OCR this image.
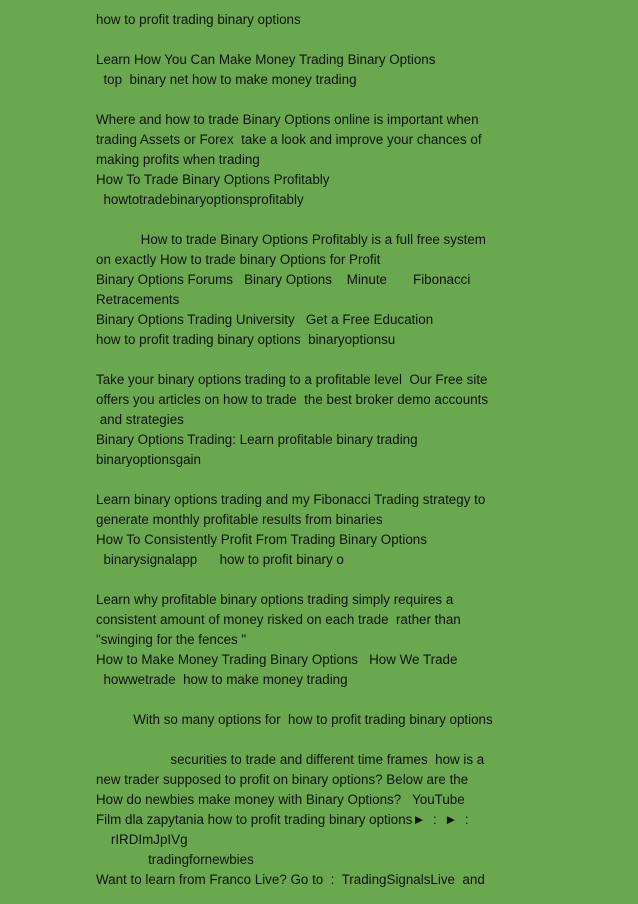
how to profit trading binary options
Learn How You Can Make Money Trading Binary Options
top  binary net how to make money trading
Where and how to trade Binary Options online is important when
trading Assets or Forex  take a look and improve your chances of
making profits when trading
How To Trade Binary Options Profitably
howtotradebinaryoptionsprofitably
How to trade Binary Options Profitably is a full free system
on exactly How to trade binary Options for Profit
Binary Options Forums   Binary Options    Minute       Fibonacci
Retracements
Binary Options Trading University   Get a Free Education
how to profit trading binary options  binaryoptionsu
Take your binary options trading to a profitable level  Our Free site
offers you articles on how to trade  the best broker demo accounts
and strategies
Binary Options Trading: Learn profitable binary trading
binaryoptionsgain
Learn binary options trading and my Fibonacci Trading strategy to
generate monthly profitable results from binaries
How To Consistently Profit From Trading Binary Options
binarysignalapp      how to profit binary o
Learn why profitable binary options trading simply requires a
consistent amount of money risked on each trade  rather than
"swinging for the fences "
How to Make Money Trading Binary Options   How We Trade
howwetrade  how to make money trading
With so many options for  how to profit trading binary options
securities to trade and different time frames  how is a
new trader supposed to profit on binary options? Below are the
How do newbies make money with Binary Options?   YouTube
Film dla zapytania how to profit trading binary options►  :  ►  :
rIRDImJpIVg
tradingfornewbies
Want to learn from Franco Live? Go to  :  TradingSignalsLive  and
